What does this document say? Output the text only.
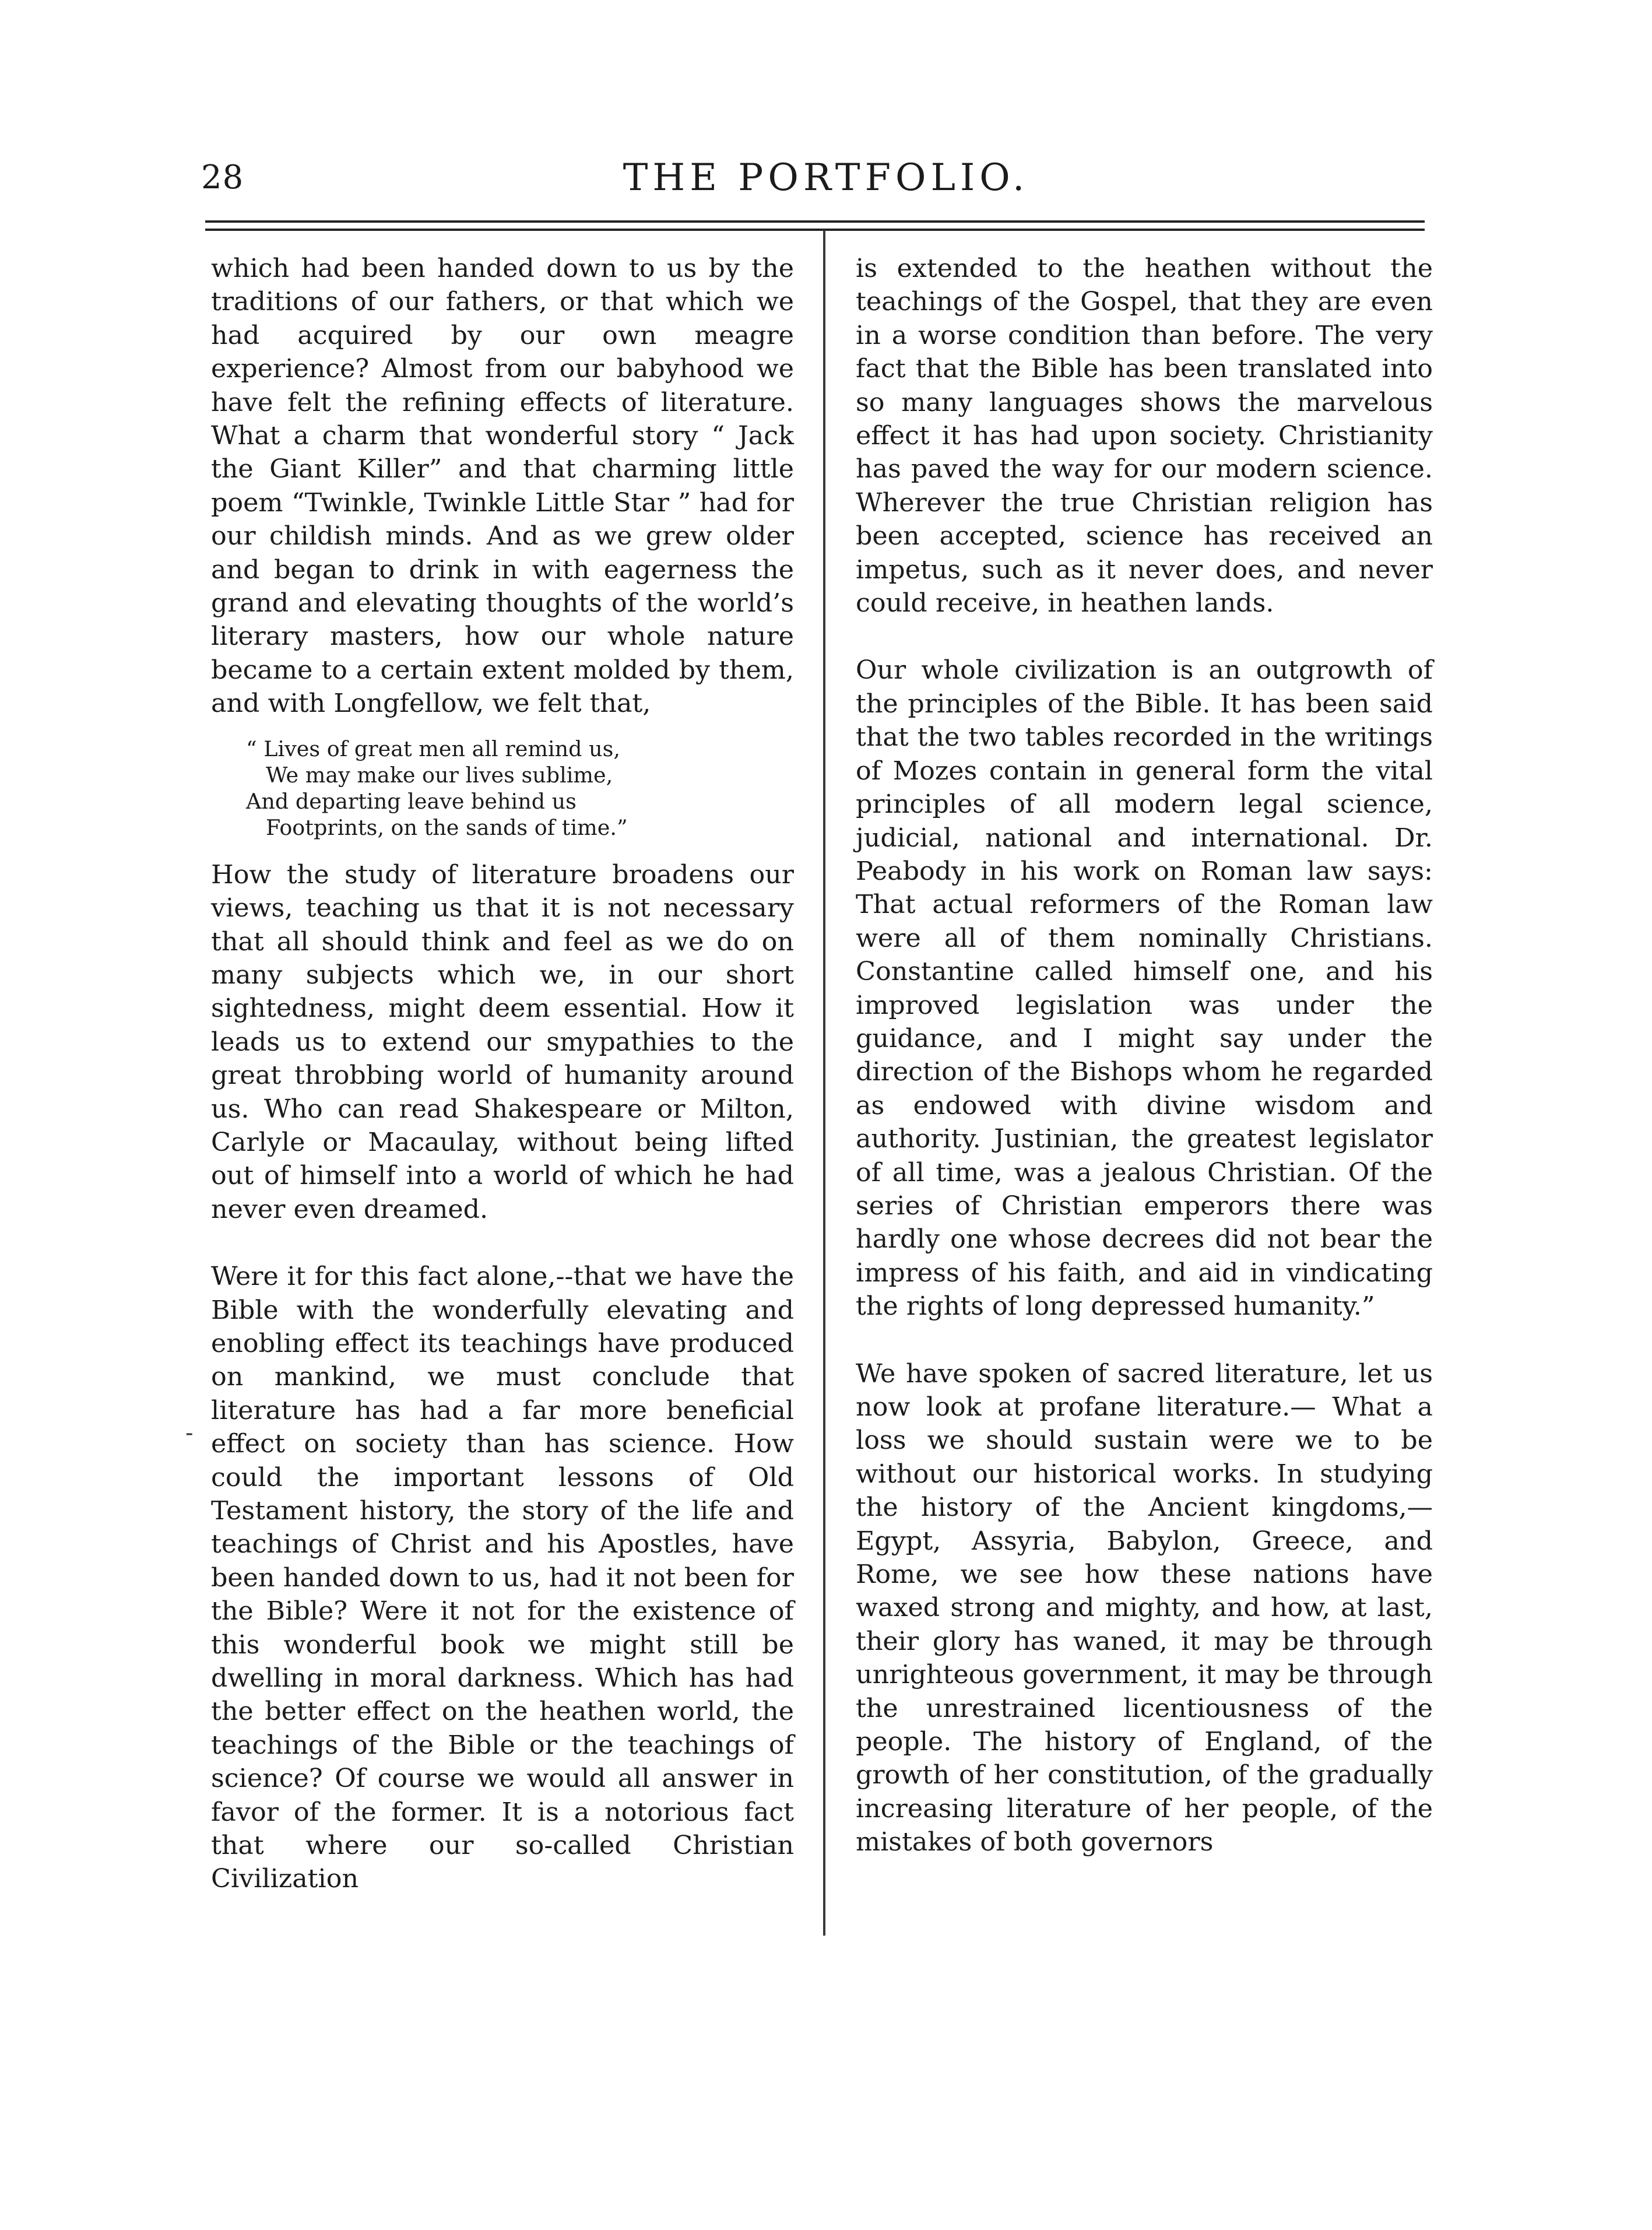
28	THE PORTFOLIO.

which had been handed down to us by the traditions of our fathers, or that which we had acquired by our own meagre experience? Almost from our babyhood we have felt the refining effects of literature. What a charm that wonderful story “ Jack the Giant Killer” and that charming little poem “Twinkle, Twinkle Little Star ” had for our childish minds. And as we grew older and began to drink in with eagerness the grand and elevating thoughts of the world’s literary masters, how our whole nature became to a certain extent molded by them, and with Longfellow, we felt that,

“ Lives of great men all remind us,
We may make our lives sublime,
And departing leave behind us
Footprints, on the sands of time.”

How the study of literature broadens our views, teaching us that it is not necessary that all should think and feel as we do on many subjects which we, in our short sightedness, might deem essential. How it leads us to extend our smypathies to the great throbbing world of humanity around us. Who can read Shakespeare or Milton, Carlyle or Macaulay, without being lifted out of himself into a world of which he had never even dreamed.

Were it for this fact alone,--that we have the Bible with the wonderfully elevating and enobling effect its teachings have produced on mankind, we must conclude that literature has had a far more beneficial effect on society than has science. How could the important lessons of Old Testament history, the story of the life and teachings of Christ and his Apostles, have been handed down to us, had it not been for the Bible? Were it not for the existence of this wonderful book we might still be dwelling in moral darkness. Which has had the better effect on the heathen world, the teachings of the Bible or the teachings of science? Of course we would all answer in favor of the former. It is a notorious fact that where our so-called Christian Civilization

is extended to the heathen without the teachings of the Gospel, that they are even in a worse condition than before. The very fact that the Bible has been translated into so many languages shows the marvelous effect it has had upon society. Christianity has paved the way for our modern science. Wherever the true Christian religion has been accepted, science has received an impetus, such as it never does, and never could receive, in heathen lands.

Our whole civilization is an outgrowth of the principles of the Bible. It has been said that the two tables recorded in the writings of Mozes contain in general form the vital principles of all modern legal science, judicial, national and international. Dr. Peabody in his work on Roman law says: That actual reformers of the Roman law were all of them nominally Christians. Constantine called himself one, and his improved legislation was under the guidance, and I might say under the direction of the Bishops whom he regarded as endowed with divine wisdom and authority. Justinian, the greatest legislator of all time, was a jealous Christian. Of the series of Christian emperors there was hardly one whose decrees did not bear the impress of his faith, and aid in vindicating the rights of long depressed humanity.”

We have spoken of sacred literature, let us now look at profane literature.— What a loss we should sustain were we to be without our historical works. In studying the history of the Ancient kingdoms,—Egypt, Assyria, Babylon, Greece, and Rome, we see how these nations have waxed strong and mighty, and how, at last, their glory has waned, it may be through unrighteous government, it may be through the unrestrained licentiousness of the people. The history of England, of the growth of her constitution, of the gradually increasing literature of her people, of the mistakes of both governors

-
